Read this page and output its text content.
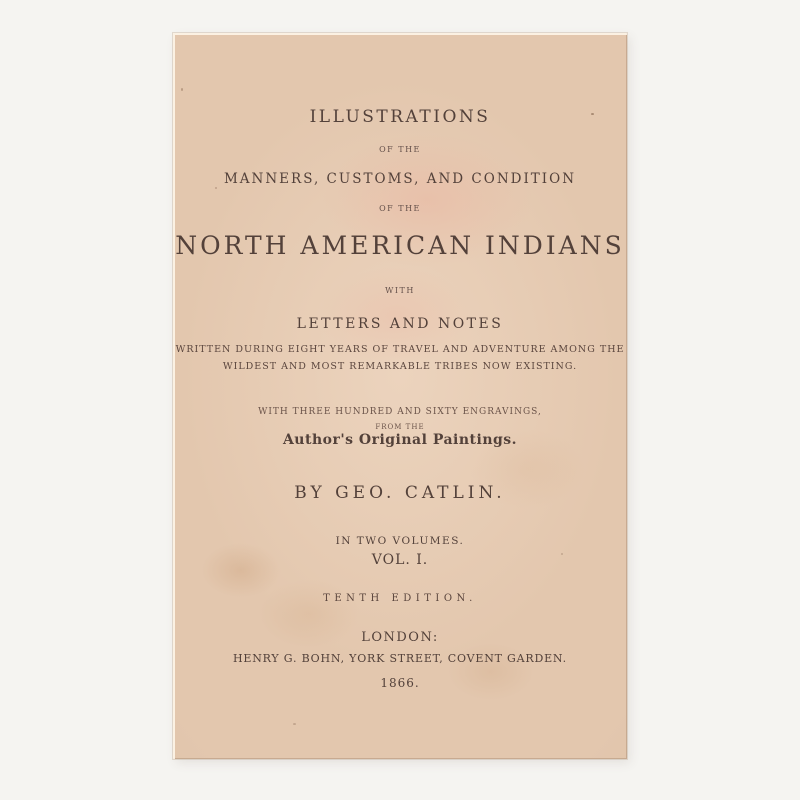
ILLUSTRATIONS
OF THE
MANNERS, CUSTOMS, AND CONDITION
OF THE
NORTH AMERICAN INDIANS
WITH
LETTERS AND NOTES
WRITTEN DURING EIGHT YEARS OF TRAVEL AND ADVENTURE AMONG THE
WILDEST AND MOST REMARKABLE TRIBES NOW EXISTING.
WITH THREE HUNDRED AND SIXTY ENGRAVINGS,
FROM THE
Author's Original Paintings.
BY GEO. CATLIN.
IN TWO VOLUMES.
VOL. I.
TENTH EDITION.
LONDON:
HENRY G. BOHN, YORK STREET, COVENT GARDEN.
1866.
